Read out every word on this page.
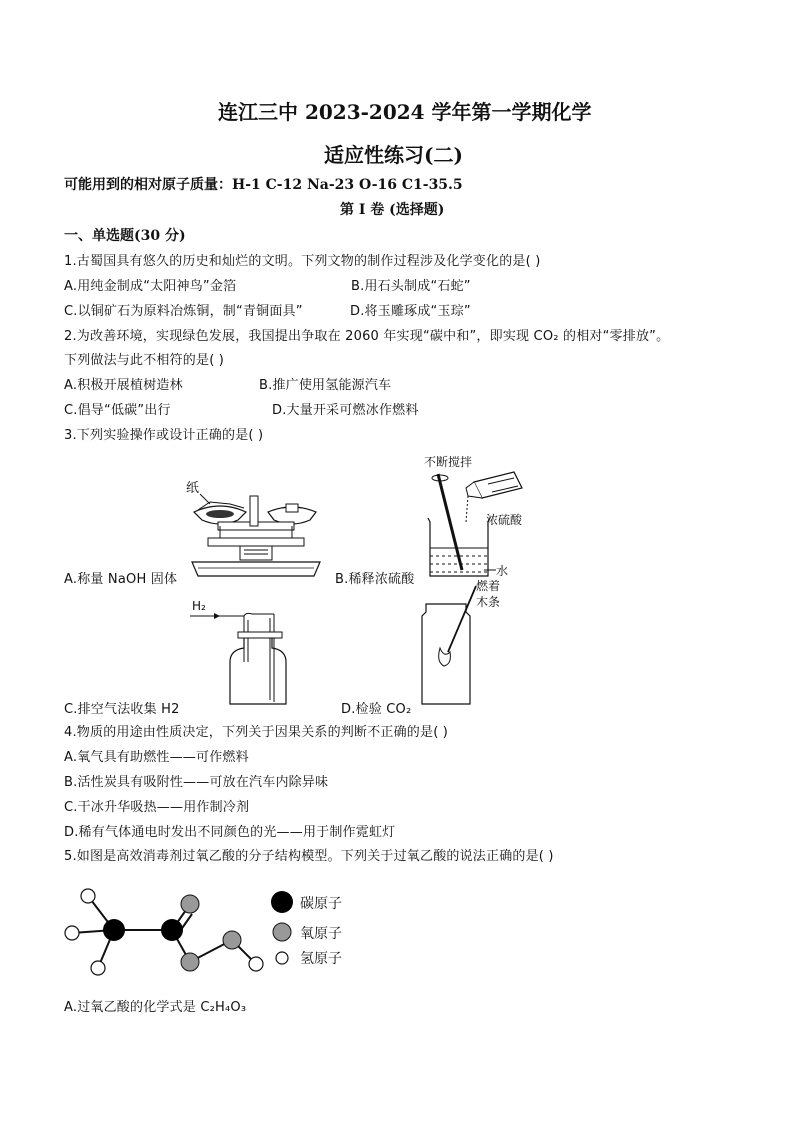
连江三中 2023-2024 学年第一学期化学
适应性练习(二)
可能用到的相对原子质量：H-1 C-12 Na-23 O-16 C1-35.5
第 I 卷 (选择题)
一、单选题(30 分)
1.古蜀国具有悠久的历史和灿烂的文明。下列文物的制作过程涉及化学变化的是( )
A.用纯金制成“太阳神鸟”金箔	B.用石头制成“石蛇”
C.以铜矿石为原料冶炼铜，制“青铜面具”	D.将玉雕琢成“玉琮”
2.为改善环境，实现绿色发展，我国提出争取在 2060 年实现“碳中和”，即实现 CO₂ 的相对“零排放”。
下列做法与此不相符的是( )
A.积极开展植树造林	B.推广使用氢能源汽车
C.倡导“低碳”出行	D.大量开采可燃冰作燃料
3.下列实验操作或设计正确的是( )
纸
A.称量 NaOH 固体
不断搅拌
浓硫酸
水
B.稀释浓硫酸
H₂
C.排空气法收集 H2
燃着
木条
D.检验 CO₂
4.物质的用途由性质决定，下列关于因果关系的判断不正确的是( )
A.氧气具有助燃性——可作燃料
B.活性炭具有吸附性——可放在汽车内除异味
C.干冰升华吸热——用作制冷剂
D.稀有气体通电时发出不同颜色的光——用于制作霓虹灯
5.如图是高效消毒剂过氧乙酸的分子结构模型。下列关于过氧乙酸的说法正确的是( )
碳原子
氧原子
氢原子
A.过氧乙酸的化学式是 C₂H₄O₃
